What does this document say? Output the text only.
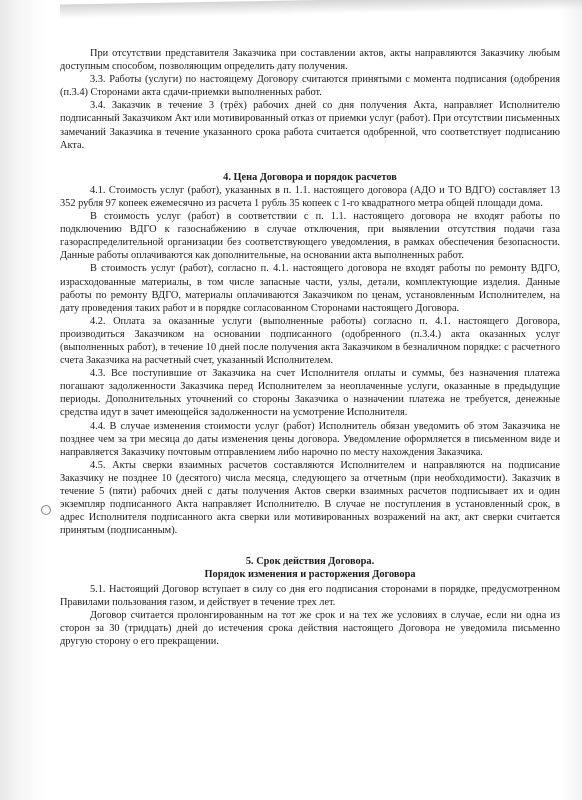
При отсутствии представителя Заказчика при составлении актов, акты направляются Заказчику любым доступным способом, позволяющим определить дату получения.

3.3. Работы (услуги) по настоящему Договору считаются принятыми с момента подписания (одобрения (п.3.4) Сторонами акта сдачи-приемки выполненных работ.

3.4. Заказчик в течение 3 (трёх) рабочих дней со дня получения Акта, направляет Исполнителю подписанный Заказчиком Акт или мотивированный отказ от приемки услуг (работ). При отсутствии письменных замечаний Заказчика в течение указанного срока работа считается одобренной, что соответствует подписанию Акта.

4. Цена Договора и порядок расчетов

4.1. Стоимость услуг (работ), указанных в п. 1.1. настоящего договора (АДО и ТО ВДГО) составляет 13 352 рубля 97 копеек ежемесячно из расчета 1 рубль 35 копеек с 1-го квадратного метра общей площади дома.

В стоимость услуг (работ) в соответствии с п. 1.1. настоящего договора не входят работы по подключению ВДГО к газоснабжению в случае отключения, при выявлении отсутствия подачи газа газораспределительной организации без соответствующего уведомления, в рамках обеспечения безопасности. Данные работы оплачиваются как дополнительные, на основании акта выполненных работ.

В стоимость услуг (работ), согласно п. 4.1. настоящего договора не входят работы по ремонту ВДГО, израсходованные материалы, в том числе запасные части, узлы, детали, комплектующие изделия. Данные работы по ремонту ВДГО, материалы оплачиваются Заказчиком по ценам, установленным Исполнителем, на дату проведения таких работ и в порядке согласованном Сторонами настоящего Договора.

4.2. Оплата за оказанные услуги (выполненные работы) согласно п. 4.1. настоящего Договора, производиться Заказчиком на основании подписанного (одобренного (п.3.4.) акта оказанных услуг (выполненных работ), в течение 10 дней после получения акта Заказчиком в безналичном порядке: с расчетного счета Заказчика на расчетный счет, указанный Исполнителем.

4.3. Все поступившие от Заказчика на счет Исполнителя оплаты и суммы, без назначения платежа погашают задолженности Заказчика перед Исполнителем за неоплаченные услуги, оказанные в предыдущие периоды. Дополнительных уточнений со стороны Заказчика о назначении платежа не требуется, денежные средства идут в зачет имеющейся задолженности на усмотрение Исполнителя.

4.4. В случае изменения стоимости услуг (работ) Исполнитель обязан уведомить об этом Заказчика не позднее чем за три месяца до даты изменения цены договора. Уведомление оформляется в письменном виде и направляется Заказчику почтовым отправлением либо нарочно по месту нахождения Заказчика.

4.5. Акты сверки взаимных расчетов составляются Исполнителем и направляются на подписание Заказчику не позднее 10 (десятого) числа месяца, следующего за отчетным (при необходимости). Заказчик в течение 5 (пяти) рабочих дней с даты получения Актов сверки взаимных расчетов подписывает их и один экземпляр подписанного Акта направляет Исполнителю. В случае не поступления в установленный срок, в адрес Исполнителя подписанного акта сверки или мотивированных возражений на акт, акт сверки считается принятым (подписанным).

5. Срок действия Договора.

Порядок изменения и расторжения Договора

5.1. Настоящий Договор вступает в силу со дня его подписания сторонами в порядке, предусмотренном Правилами пользования газом, и действует в течение трех лет.

Договор считается пролонгированным на тот же срок и на тех же условиях в случае, если ни одна из сторон за 30 (тридцать) дней до истечения срока действия настоящего Договора не уведомила письменно другую сторону о его прекращении.
